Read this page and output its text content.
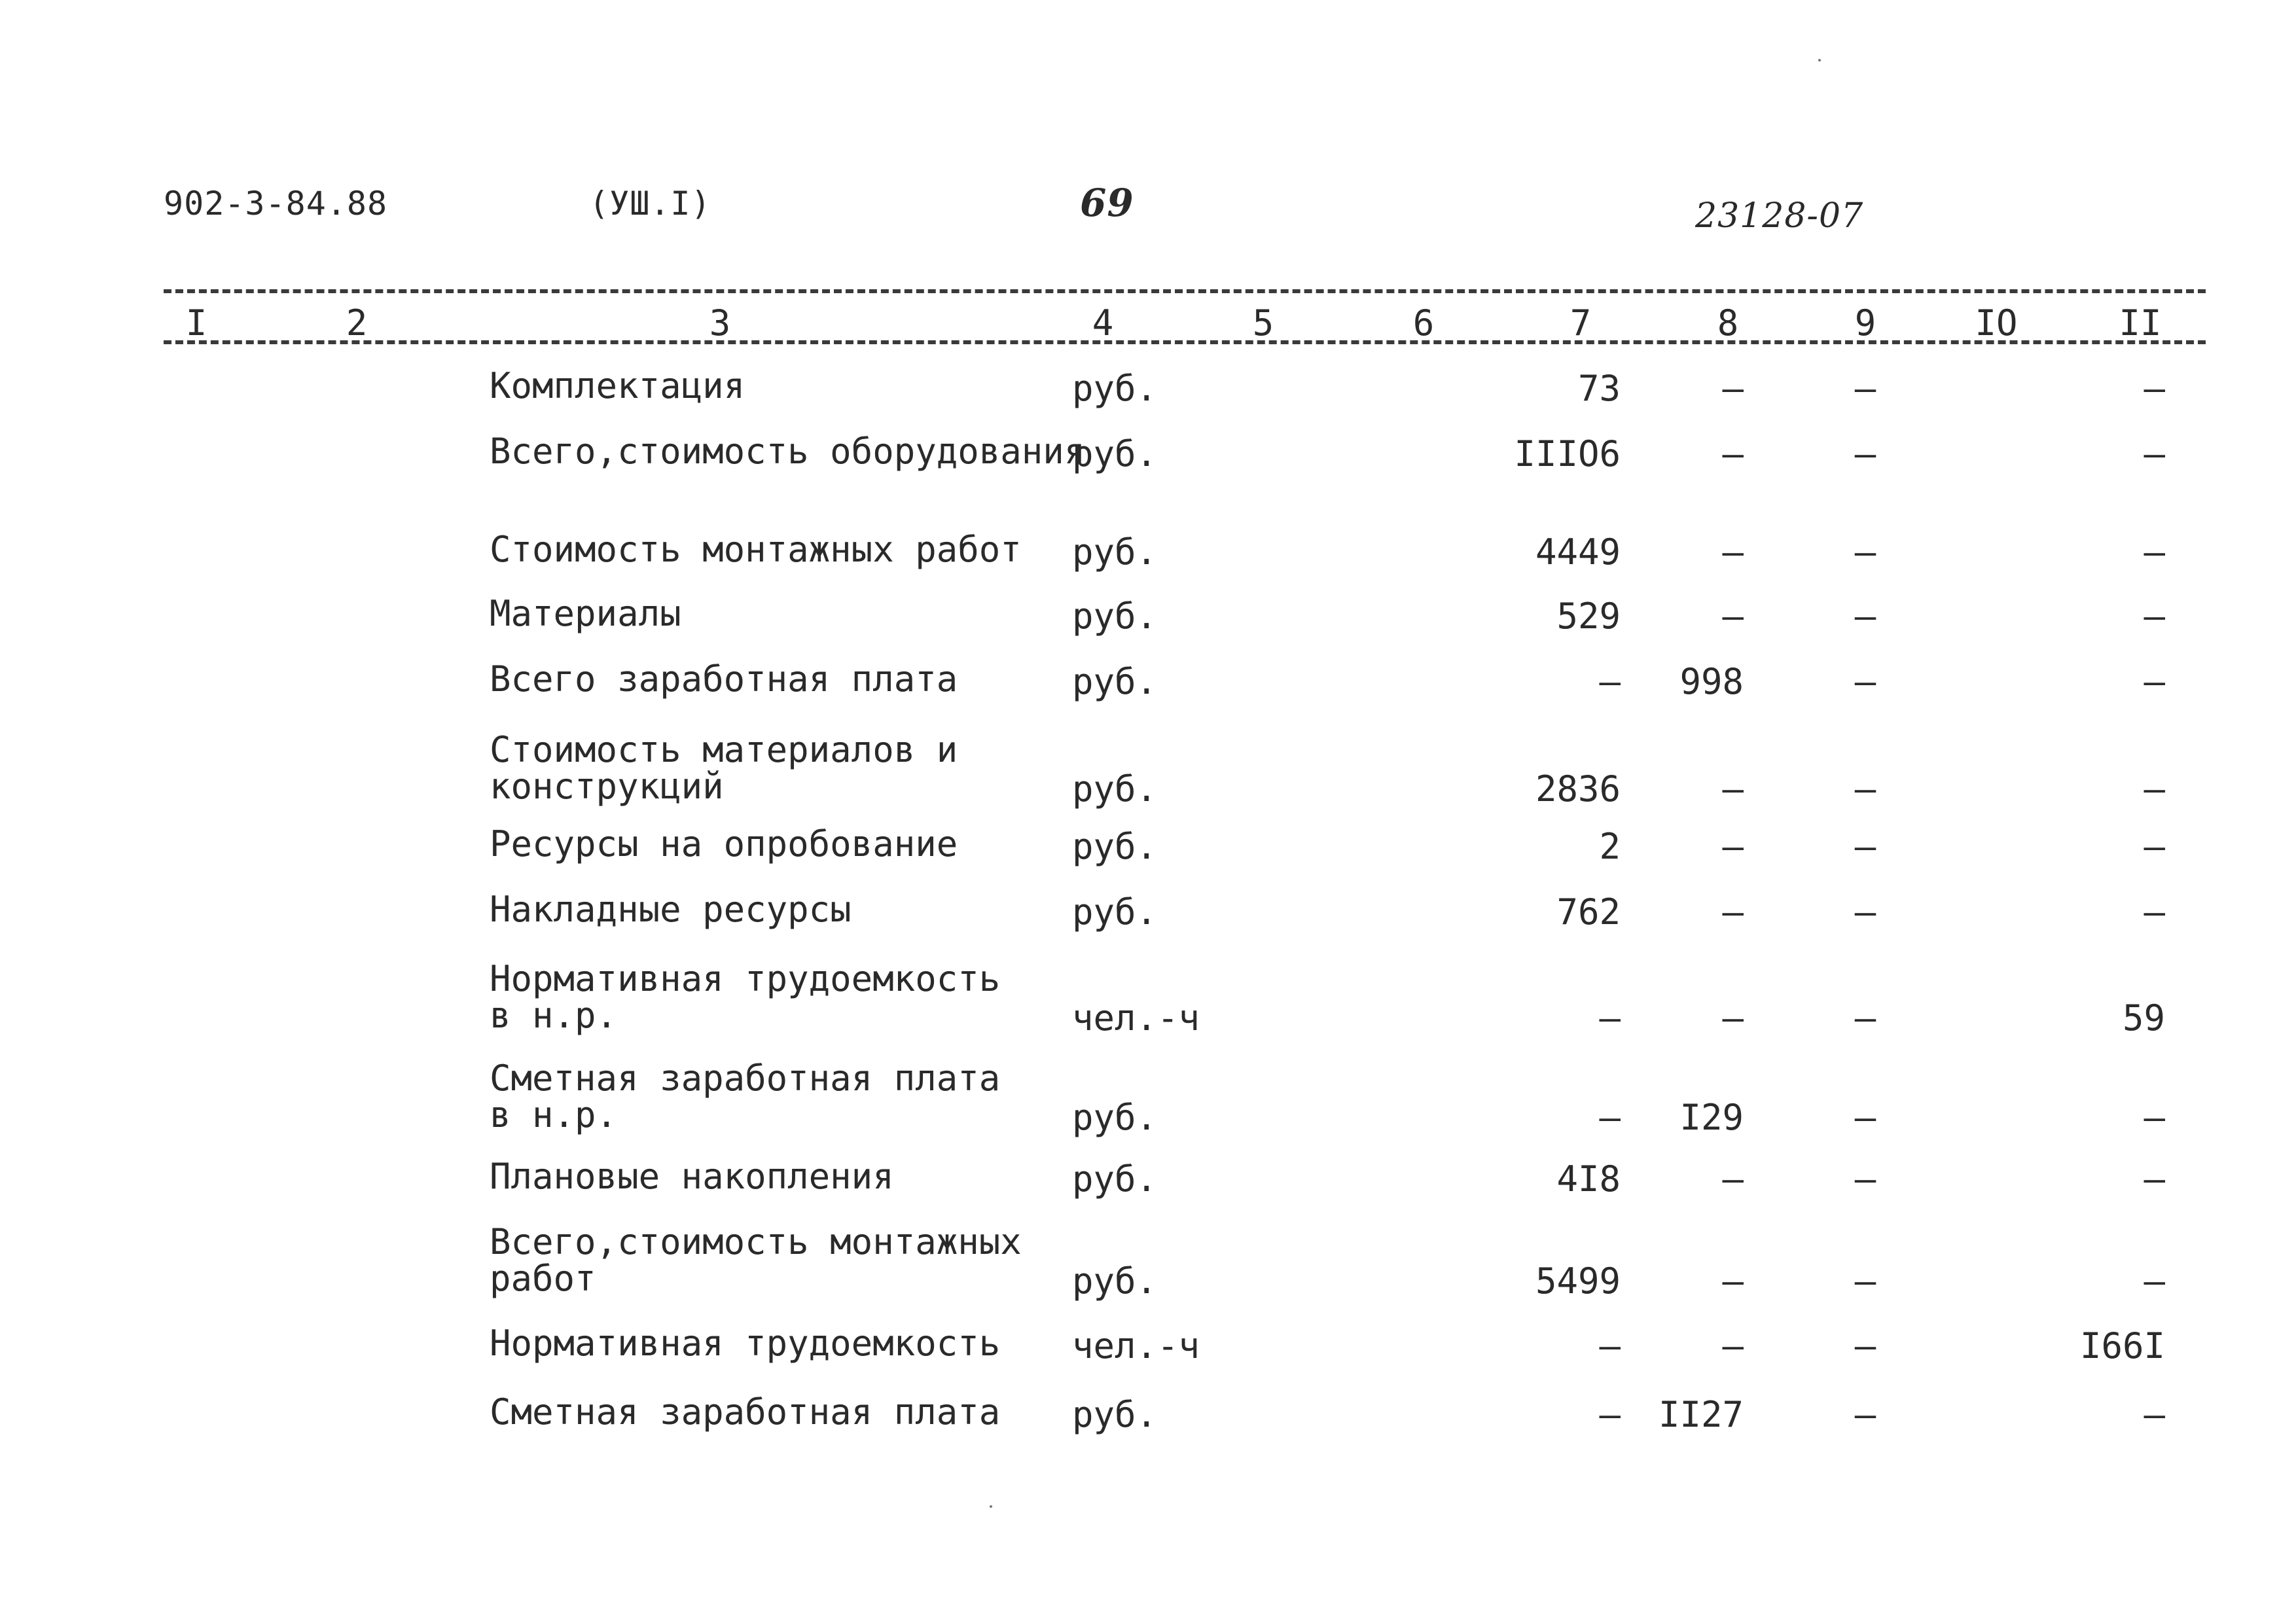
902-3-84.88	(УШ.I)	69	23128-07
I	2	3	4	5	6	7	8	9	IO	II
Комплектация	руб.	73	–	–	–
Всего,стоимость оборудования
руб.	IIIO6	–	–	–
Стоимость монтажных работ руб.	4449	–	–	–
Материалы	руб.	529	–	–	–
Всего заработная плата	руб.	– 998	–	–
Стоимость материалов и
конструкций	руб.	2836	–	–	–
Ресурсы на опробование	руб.	2	–	–	–
Накладные ресурсы	руб.	762	–	–	–
Нормативная трудоемкость
в н.р.	чел.-ч	–	–	–	59
Сметная заработная плата
в н.р.	руб.	– I29	–	–
Плановые накопления	руб.	4I8	–	–	–
Всего,стоимость монтажных
работ	руб.	5499	–	–	–
Нормативная трудоемкость чел.-ч	–	–	–	I66I
Сметная заработная плата руб.	– II27	–	–
